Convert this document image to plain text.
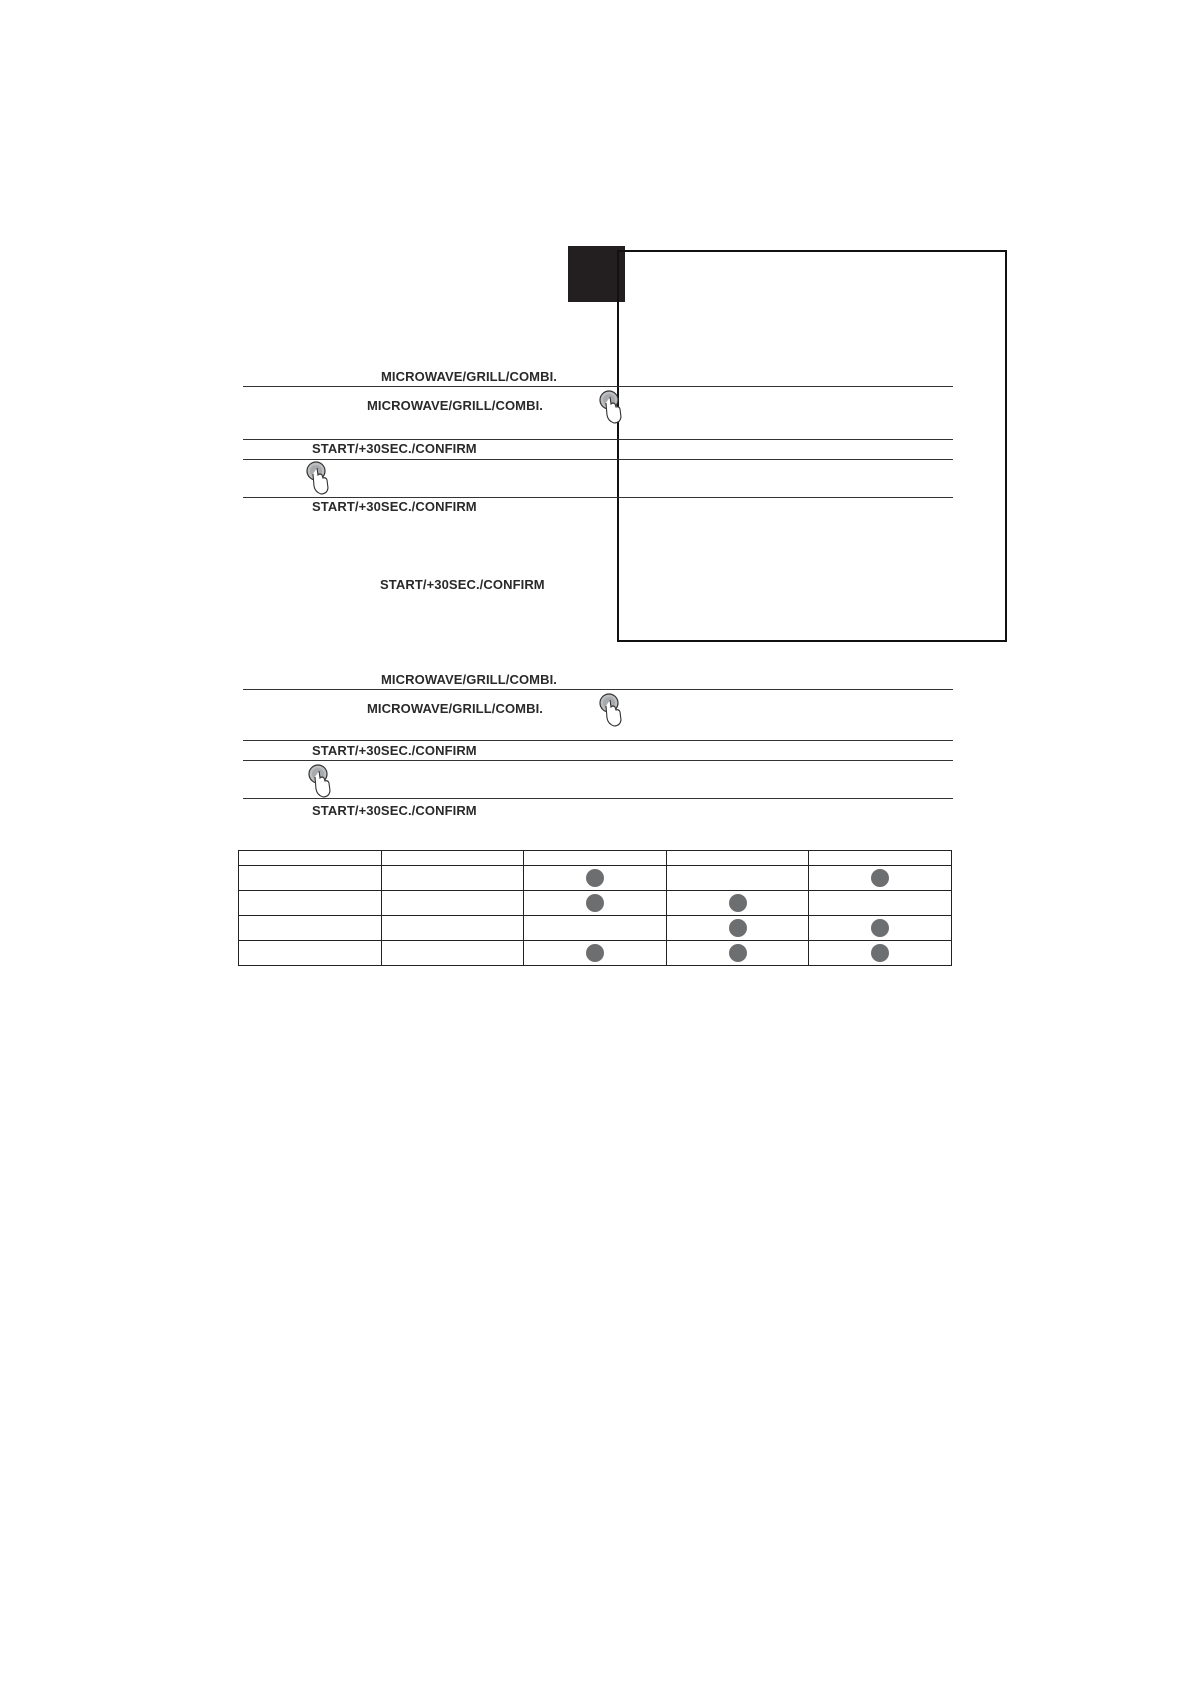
MICROWAVE/GRILL/COMBI.
MICROWAVE/GRILL/COMBI.
START/+30SEC./CONFIRM
START/+30SEC./CONFIRM
START/+30SEC./CONFIRM
MICROWAVE/GRILL/COMBI.
MICROWAVE/GRILL/COMBI.
START/+30SEC./CONFIRM
START/+30SEC./CONFIRM
